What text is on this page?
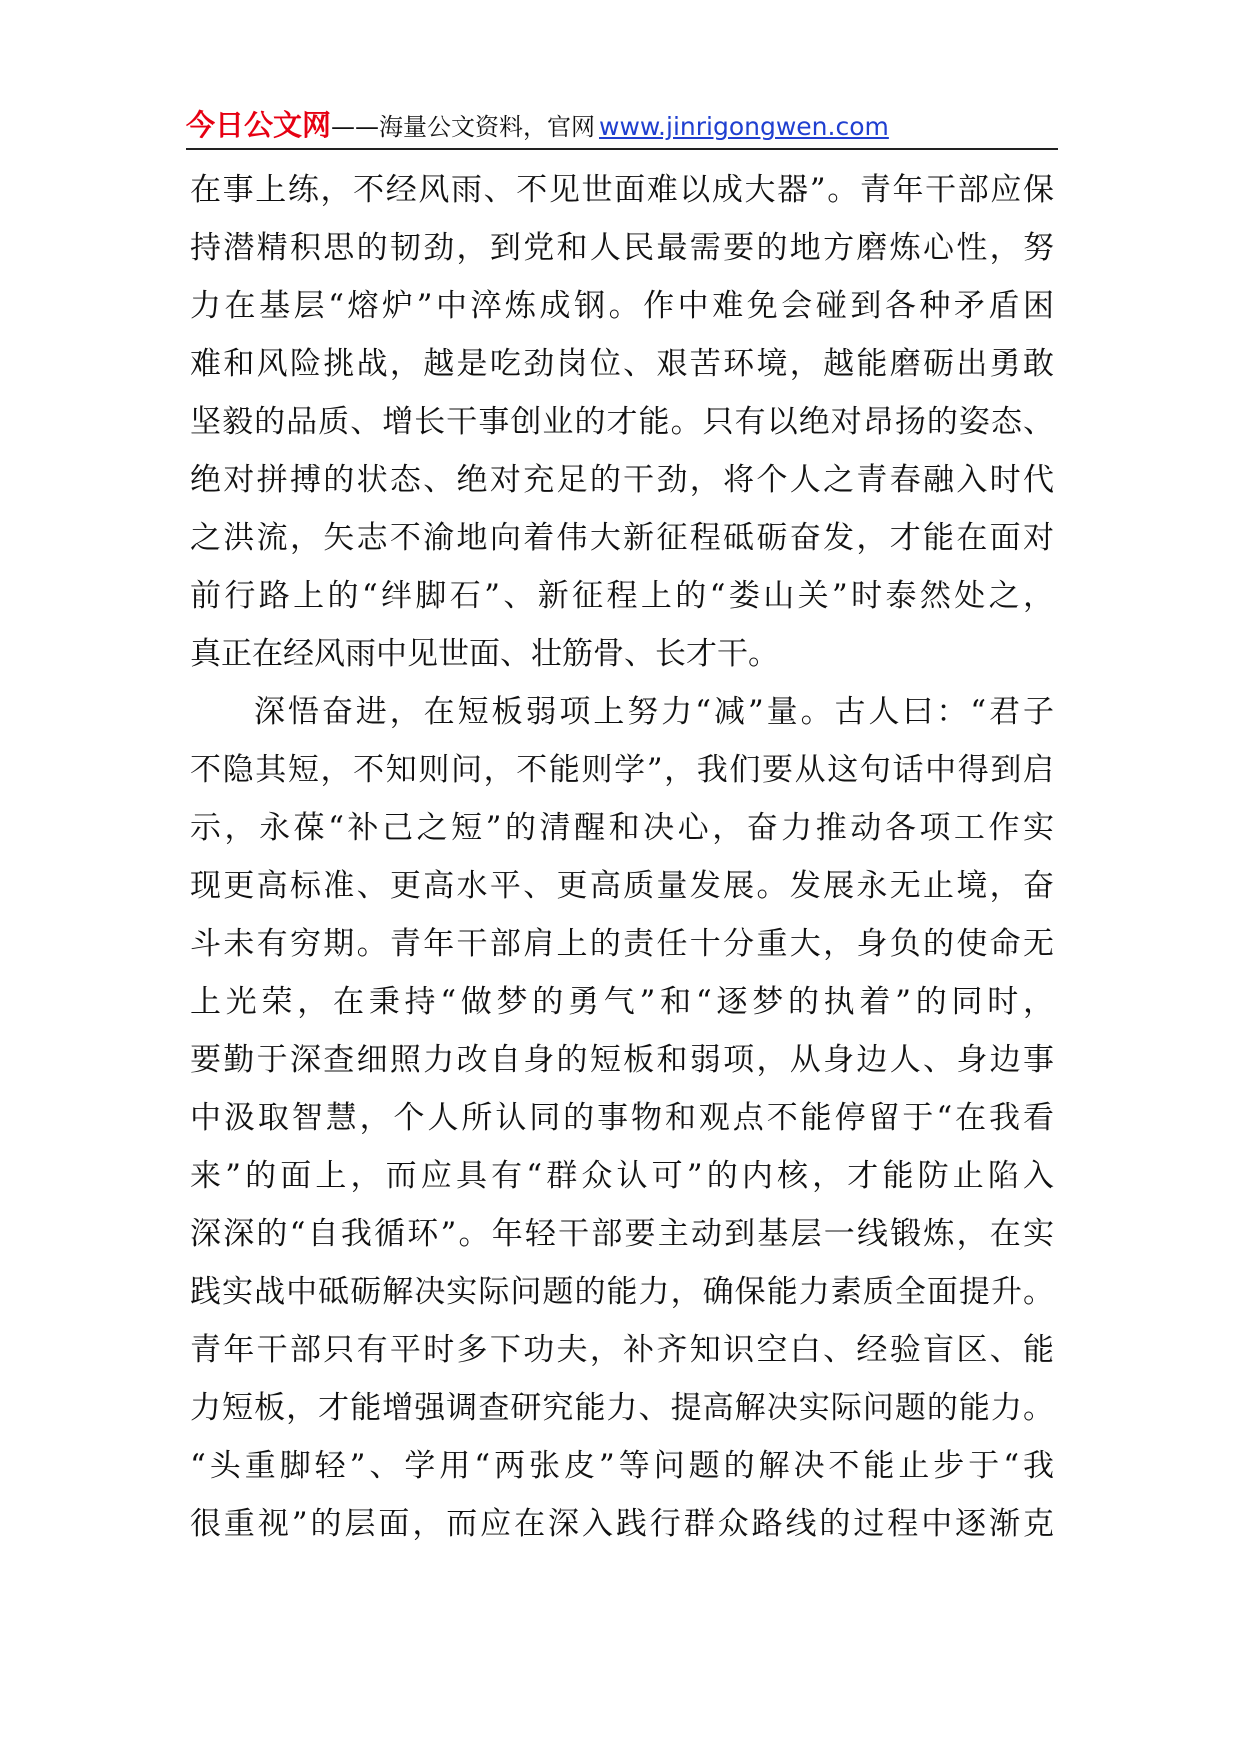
今日公文网——海量公文资料，官网 www.jinrigongwen.com
在事上练，不经风雨、不见世面难以成大器”。青年干部应保
持潜精积思的韧劲，到党和人民最需要的地方磨炼心性，努
力在基层“熔炉”中淬炼成钢。作中难免会碰到各种矛盾困
难和风险挑战，越是吃劲岗位、艰苦环境，越能磨砺出勇敢
坚毅的品质、增长干事创业的才能。只有以绝对昂扬的姿态、
绝对拼搏的状态、绝对充足的干劲，将个人之青春融入时代
之洪流，矢志不渝地向着伟大新征程砥砺奋发，才能在面对
前行路上的“绊脚石”、新征程上的“娄山关”时泰然处之，
真正在经风雨中见世面、壮筋骨、长才干。
深悟奋进，在短板弱项上努力“减”量。古人曰：“君子
不隐其短，不知则问，不能则学”，我们要从这句话中得到启
示，永葆“补己之短”的清醒和决心，奋力推动各项工作实
现更高标准、更高水平、更高质量发展。发展永无止境，奋
斗未有穷期。青年干部肩上的责任十分重大，身负的使命无
上光荣，在秉持“做梦的勇气”和“逐梦的执着”的同时，
要勤于深查细照力改自身的短板和弱项，从身边人、身边事
中汲取智慧，个人所认同的事物和观点不能停留于“在我看
来”的面上，而应具有“群众认可”的内核，才能防止陷入
深深的“自我循环”。年轻干部要主动到基层一线锻炼，在实
践实战中砥砺解决实际问题的能力，确保能力素质全面提升。
青年干部只有平时多下功夫，补齐知识空白、经验盲区、能
力短板，才能增强调查研究能力、提高解决实际问题的能力。
“头重脚轻”、学用“两张皮”等问题的解决不能止步于“我
很重视”的层面，而应在深入践行群众路线的过程中逐渐克
